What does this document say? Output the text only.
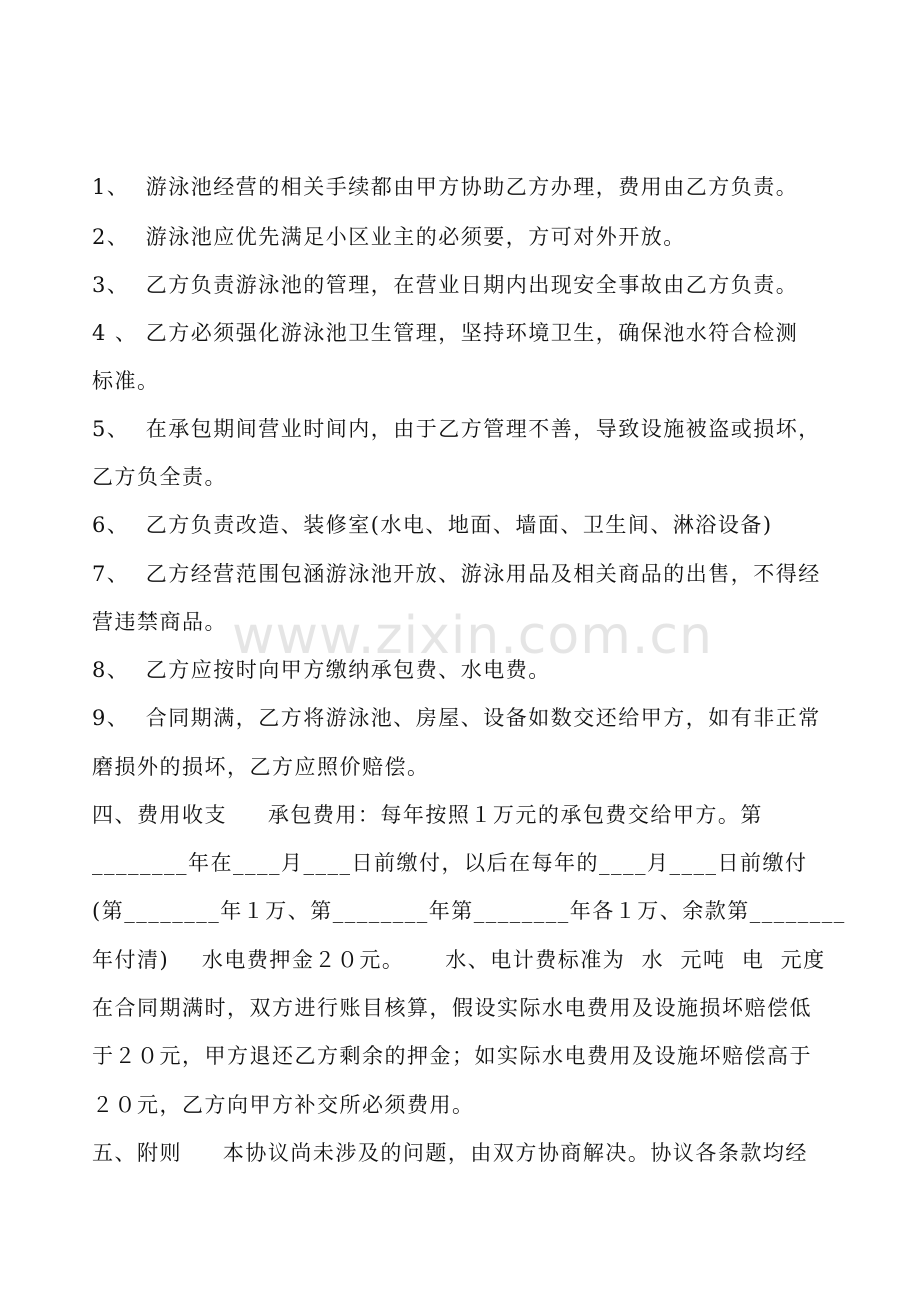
www.zixin.com.cn
1、  游泳池经营的相关手续都由甲方协助乙方办理，费用由乙方负责。
2、  游泳池应优先满足小区业主的必须要，方可对外开放。
3、  乙方负责游泳池的管理，在营业日期内出现安全事故由乙方负责。
4 、 乙方必须强化游泳池卫生管理，坚持环境卫生，确保池水符合检测
标准。
5、  在承包期间营业时间内，由于乙方管理不善，导致设施被盗或损坏，
乙方负全责。
6、  乙方负责改造、装修室(水电、地面、墙面、卫生间、淋浴设备)
7、  乙方经营范围包涵游泳池开放、游泳用品及相关商品的出售，不得经
营违禁商品。
8、  乙方应按时向甲方缴纳承包费、水电费。
9、  合同期满，乙方将游泳池、房屋、设备如数交还给甲方，如有非正常
磨损外的损坏，乙方应照价赔偿。
四、费用收支     承包费用：每年按照１万元的承包费交给甲方。第
________年在____月____日前缴付，以后在每年的____月____日前缴付
(第________年１万、第________年第________年各１万、余款第________
年付清)    水电费押金２０元。     水、电计费标准为  水  元吨  电  元度
在合同期满时，双方进行账目核算，假设实际水电费用及设施损坏赔偿低
于２０元，甲方退还乙方剩余的押金；如实际水电费用及设施坏赔偿高于
２０元，乙方向甲方补交所必须费用。
五、附则     本协议尚未涉及的问题，由双方协商解决。协议各条款均经
